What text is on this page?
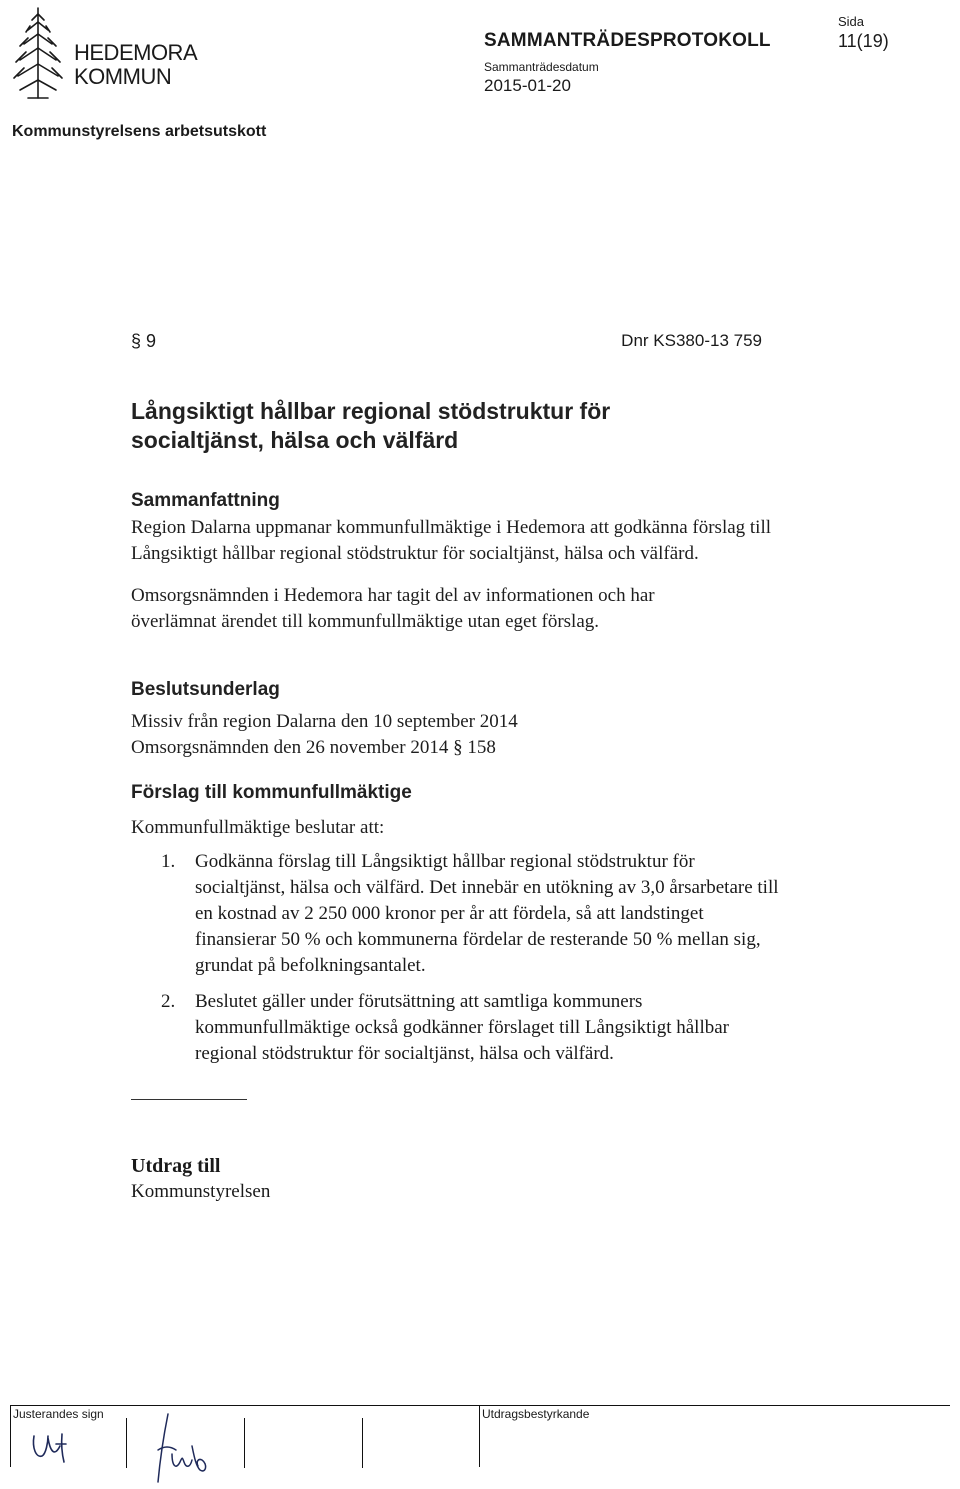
HEDEMORA
KOMMUN
SAMMANTRÄDESPROTOKOLL
Sammanträdesdatum
2015-01-20
Sida
11(19)
Kommunstyrelsens arbetsutskott
§ 9	Dnr KS380-13 759
Långsiktigt hållbar regional stödstruktur för
socialtjänst, hälsa och välfärd
Sammanfattning

Region Dalarna uppmanar kommunfullmäktige i Hedemora att godkänna förslag till Långsiktigt hållbar regional stödstruktur för socialtjänst, hälsa och välfärd.

Omsorgsnämnden i Hedemora har tagit del av informationen och har överlämnat ärendet till kommunfullmäktige utan eget förslag.

Beslutsunderlag

Missiv från region Dalarna den 10 september 2014

Omsorgsnämnden den 26 november 2014 § 158

Förslag till kommunfullmäktige
Kommunfullmäktige beslutar att:
1. Godkänna förslag till Långsiktigt hållbar regional stödstruktur för socialtjänst, hälsa och välfärd. Det innebär en utökning av 3,0 årsarbetare till en kostnad av 2 250 000 kronor per år att fördela, så att landstinget finansierar 50 % och kommunerna fördelar de resterande 50 % mellan sig, grundat på befolkningsantalet.
2. Beslutet gäller under förutsättning att samtliga kommuners kommunfullmäktige också godkänner förslaget till Långsiktigt hållbar regional stödstruktur för socialtjänst, hälsa och välfärd.
Utdrag till
Kommunstyrelsen
Justerandes sign	Utdragsbestyrkande
